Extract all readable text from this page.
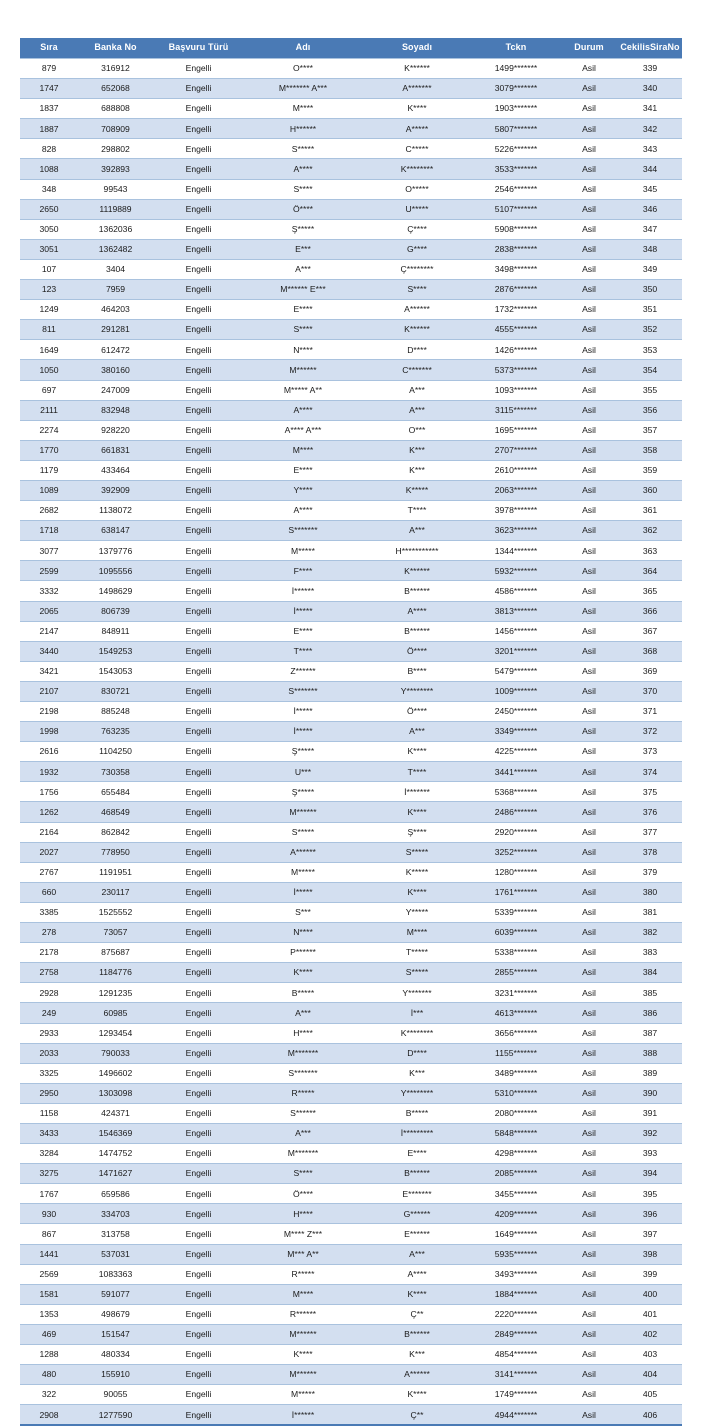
Sıra	Banka No	Başvuru Türü	Adı	Soyadı	Tckn	Durum	CekilisSiraNo
879	316912	Engelli	O****	K******	1499*******	Asil	339
1747	652068	Engelli	M******* A***	A*******	3079*******	Asil	340
1837	688808	Engelli	M****	K****	1903*******	Asil	341
1887	708909	Engelli	H******	A*****	5807*******	Asil	342
828	298802	Engelli	S*****	C*****	5226*******	Asil	343
1088	392893	Engelli	A****	K********	3533*******	Asil	344
348	99543	Engelli	S****	O*****	2546*******	Asil	345
2650	1119889	Engelli	Ö****	U*****	5107*******	Asil	346
3050	1362036	Engelli	Ş*****	Ç****	5908*******	Asil	347
3051	1362482	Engelli	E***	G****	2838*******	Asil	348
107	3404	Engelli	A***	Ç********	3498*******	Asil	349
123	7959	Engelli	M****** E***	S****	2876*******	Asil	350
1249	464203	Engelli	E****	A******	1732*******	Asil	351
811	291281	Engelli	S****	K******	4555*******	Asil	352
1649	612472	Engelli	N****	D****	1426*******	Asil	353
1050	380160	Engelli	M******	C*******	5373*******	Asil	354
697	247009	Engelli	M***** A**	A***	1093*******	Asil	355
2111	832948	Engelli	A****	A***	3115*******	Asil	356
2274	928220	Engelli	A**** A***	O***	1695*******	Asil	357
1770	661831	Engelli	M****	K***	2707*******	Asil	358
1179	433464	Engelli	E****	K***	2610*******	Asil	359
1089	392909	Engelli	Y****	K*****	2063*******	Asil	360
2682	1138072	Engelli	A****	T****	3978*******	Asil	361
1718	638147	Engelli	S*******	A***	3623*******	Asil	362
3077	1379776	Engelli	M*****	H***********	1344*******	Asil	363
2599	1095556	Engelli	F****	K******	5932*******	Asil	364
3332	1498629	Engelli	İ******	B******	4586*******	Asil	365
2065	806739	Engelli	İ*****	A****	3813*******	Asil	366
2147	848911	Engelli	E****	B******	1456*******	Asil	367
3440	1549253	Engelli	T****	Ö****	3201*******	Asil	368
3421	1543053	Engelli	Z******	B****	5479*******	Asil	369
2107	830721	Engelli	S*******	Y********	1009*******	Asil	370
2198	885248	Engelli	İ*****	Ö****	2450*******	Asil	371
1998	763235	Engelli	İ*****	A***	3349*******	Asil	372
2616	1104250	Engelli	Ş*****	K****	4225*******	Asil	373
1932	730358	Engelli	U***	T****	3441*******	Asil	374
1756	655484	Engelli	Ş*****	İ*******	5368*******	Asil	375
1262	468549	Engelli	M******	K****	2486*******	Asil	376
2164	862842	Engelli	S*****	Ş****	2920*******	Asil	377
2027	778950	Engelli	A******	S*****	3252*******	Asil	378
2767	1191951	Engelli	M*****	K*****	1280*******	Asil	379
660	230117	Engelli	İ*****	K****	1761*******	Asil	380
3385	1525552	Engelli	S***	Y*****	5339*******	Asil	381
278	73057	Engelli	N****	M****	6039*******	Asil	382
2178	875687	Engelli	P******	T*****	5338*******	Asil	383
2758	1184776	Engelli	K****	S*****	2855*******	Asil	384
2928	1291235	Engelli	B*****	Y*******	3231*******	Asil	385
249	60985	Engelli	A***	İ***	4613*******	Asil	386
2933	1293454	Engelli	H****	K********	3656*******	Asil	387
2033	790033	Engelli	M*******	D****	1155*******	Asil	388
3325	1496602	Engelli	S*******	K***	3489*******	Asil	389
2950	1303098	Engelli	R*****	Y********	5310*******	Asil	390
1158	424371	Engelli	S******	B*****	2080*******	Asil	391
3433	1546369	Engelli	A***	İ*********	5848*******	Asil	392
3284	1474752	Engelli	M*******	E****	4298*******	Asil	393
3275	1471627	Engelli	S****	B******	2085*******	Asil	394
1767	659586	Engelli	Ö****	E*******	3455*******	Asil	395
930	334703	Engelli	H****	G******	4209*******	Asil	396
867	313758	Engelli	M**** Z***	E******	1649*******	Asil	397
1441	537031	Engelli	M*** A**	A***	5935*******	Asil	398
2569	1083363	Engelli	R*****	A****	3493*******	Asil	399
1581	591077	Engelli	M****	K****	1884*******	Asil	400
1353	498679	Engelli	R******	Ç**	2220*******	Asil	401
469	151547	Engelli	M******	B******	2849*******	Asil	402
1288	480334	Engelli	K****	K***	4854*******	Asil	403
480	155910	Engelli	M******	A******	3141*******	Asil	404
322	90055	Engelli	M*****	K****	1749*******	Asil	405
2908	1277590	Engelli	İ******	Ç**	4944*******	Asil	406
